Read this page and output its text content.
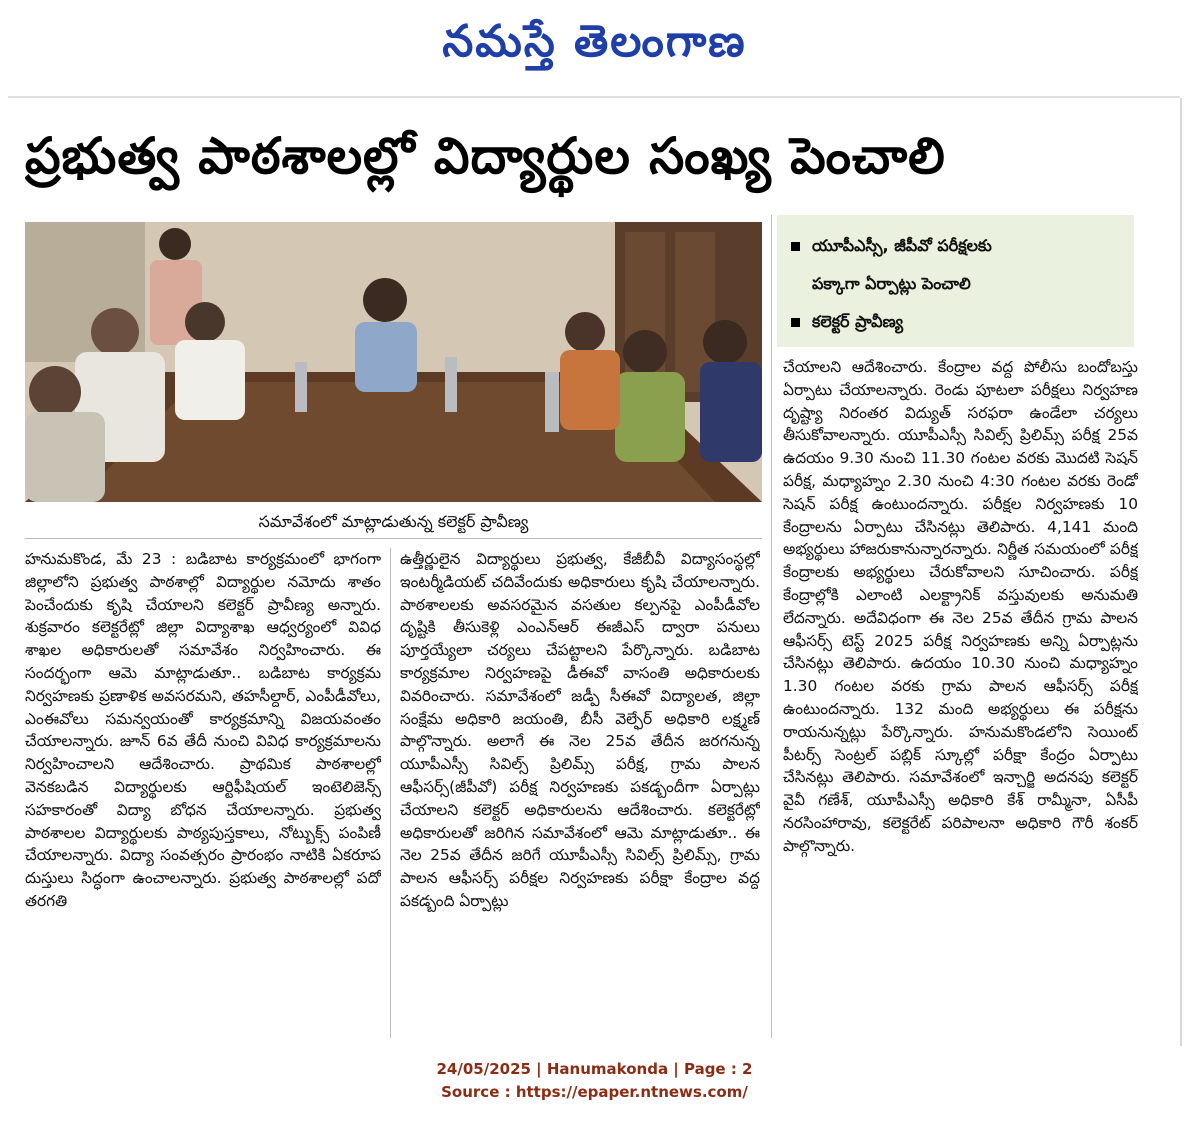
నమస్తే తెలంగాణ
ప్రభుత్వ పాఠశాలల్లో విద్యార్థుల సంఖ్య పెంచాలి
సమావేశంలో మాట్లాడుతున్న కలెక్టర్ ప్రావీణ్య
యూపీఎస్సీ, జీపీవో పరీక్షలకు
పక్కాగా ఏర్పాట్లు పెంచాలి
కలెక్టర్ ప్రావీణ్య

హనుమకొండ, మే 23 : బడిబాట కార్యక్రమంలో భాగంగా జిల్లాలోని ప్రభుత్వ పాఠశాల్లో విద్యార్థుల నమోదు శాతం పెంచేందుకు కృషి చేయాలని కలెక్టర్ ప్రావీణ్య అన్నారు. శుక్రవారం కలెక్టరేట్లో జిల్లా విద్యాశాఖ ఆధ్వర్యంలో వివిధ శాఖల అధికారులతో సమావేశం నిర్వహించారు. ఈ సందర్భంగా ఆమె మాట్లాడుతూ.. బడిబాట కార్యక్రమ నిర్వహణకు ప్రణాళిక అవసరమని, తహసీల్దార్, ఎంపీడీవోలు, ఎంఈవోలు సమన్వయంతో కార్యక్రమాన్ని విజయవంతం చేయాలన్నారు. జూన్ 6వ తేదీ నుంచి వివిధ కార్యక్రమాలను నిర్వహించాలని ఆదేశించారు. ప్రాథమిక పాఠశాలల్లో వెనకబడిన విద్యార్థులకు ఆర్టిఫీషియల్ ఇంటెలిజెన్స్ సహకారంతో విద్యా బోధన చేయాలన్నారు. ప్రభుత్వ పాఠశాలల విద్యార్థులకు పాఠ్యపుస్తకాలు, నోట్బుక్స్ పంపిణీ చేయాలన్నారు. విద్యా సంవత్సరం ప్రారంభం నాటికి ఏకరూప దుస్తులు సిద్ధంగా ఉంచాలన్నారు. ప్రభుత్వ పాఠశాలల్లో పదో తరగతి

ఉత్తీర్ణులైన విద్యార్థులు ప్రభుత్వ, కేజీబీవీ విద్యాసంస్థల్లో ఇంటర్మీడియట్ చదివేందుకు అధికారులు కృషి చేయాలన్నారు. పాఠశాలలకు అవసరమైన వసతుల కల్పనపై ఎంపీడీవోల దృష్టికి తీసుకెళ్లి ఎంఎన్ఆర్ ఈజీఎస్ ద్వారా పనులు పూర్తయ్యేలా చర్యలు చేపట్టాలని పేర్కొన్నారు. బడిబాట కార్యక్రమాల నిర్వహణపై డీఈవో వాసంతి అధికారులకు వివరించారు. సమావేశంలో జడ్పీ సీఈవో విద్యాలత, జిల్లా సంక్షేమ అధికారి జయంతి, బీసీ వెల్ఫేర్ అధికారి లక్ష్మణ్ పాల్గొన్నారు. అలాగే ఈ నెల 25వ తేదీన జరగనున్న యూపీఎస్సీ సివిల్స్ ప్రిలిమ్స్ పరీక్ష, గ్రామ పాలన ఆఫీసర్స్(జీపీవో) పరీక్ష నిర్వహణకు పకడ్బందీగా ఏర్పాట్లు చేయాలని కలెక్టర్ అధికారులను ఆదేశించారు. కలెక్టరేట్లో అధికారులతో జరిగిన సమావేశంలో ఆమె మాట్లాడుతూ.. ఈ నెల 25వ తేదీన జరిగే యూపీఎస్సీ సివిల్స్ ప్రిలిమ్స్, గ్రామ పాలన ఆఫీసర్స్ పరీక్షల నిర్వహణకు పరీక్షా కేంద్రాల వద్ద పకడ్బంది ఏర్పాట్లు

చేయాలని ఆదేశించారు. కేంద్రాల వద్ద పోలీసు బందోబస్తు ఏర్పాటు చేయాలన్నారు. రెండు పూటలా పరీక్షలు నిర్వహణ దృష్ట్యా నిరంతర విద్యుత్ సరఫరా ఉండేలా చర్యలు తీసుకోవాలన్నారు. యూపీఎస్సీ సివిల్స్ ప్రిలిమ్స్ పరీక్ష 25వ ఉదయం 9.30 నుంచి 11.30 గంటల వరకు మొదటి సెషన్ పరీక్ష, మధ్యాహ్నం 2.30 నుంచి 4:30 గంటల వరకు రెండో సెషన్ పరీక్ష ఉంటుందన్నారు. పరీక్షల నిర్వహణకు 10 కేంద్రాలను ఏర్పాటు చేసినట్లు తెలిపారు. 4,141 మంది అభ్యర్థులు హాజరుకానున్నారన్నారు. నిర్ణీత సమయంలో పరీక్ష కేంద్రాలకు అభ్యర్థులు చేరుకోవాలని సూచించారు. పరీక్ష కేంద్రాల్లోకి ఎలాంటి ఎలక్ట్రానిక్ వస్తువులకు అనుమతి లేదన్నారు. అదేవిధంగా ఈ నెల 25వ తేదీన గ్రామ పాలన ఆఫీసర్స్ టెస్ట్ 2025 పరీక్ష నిర్వహణకు అన్ని ఏర్పాట్లను చేసినట్లు తెలిపారు. ఉదయం 10.30 నుంచి మధ్యాహ్నం 1.30 గంటల వరకు గ్రామ పాలన ఆఫీసర్స్ పరీక్ష ఉంటుందన్నారు. 132 మంది అభ్యర్థులు ఈ పరీక్షను రాయనున్నట్లు పేర్కొన్నారు. హనుమకొండలోని సెయింట్ పీటర్స్ సెంట్రల్ పబ్లిక్ స్కూల్లో పరీక్షా కేంద్రం ఏర్పాటు చేసినట్లు తెలిపారు. సమావేశంలో ఇన్చార్జి అదనపు కలెక్టర్ వైవీ గణేశ్, యూపీఎస్సీ అధికారి కేశ్ రామ్మీనా, ఏసీపీ నరసింహారావు, కలెక్టరేట్ పరిపాలనా అధికారి గౌరీ శంకర్ పాల్గొన్నారు.

24/05/2025 | Hanumakonda | Page : 2
Source : https://epaper.ntnews.com/
